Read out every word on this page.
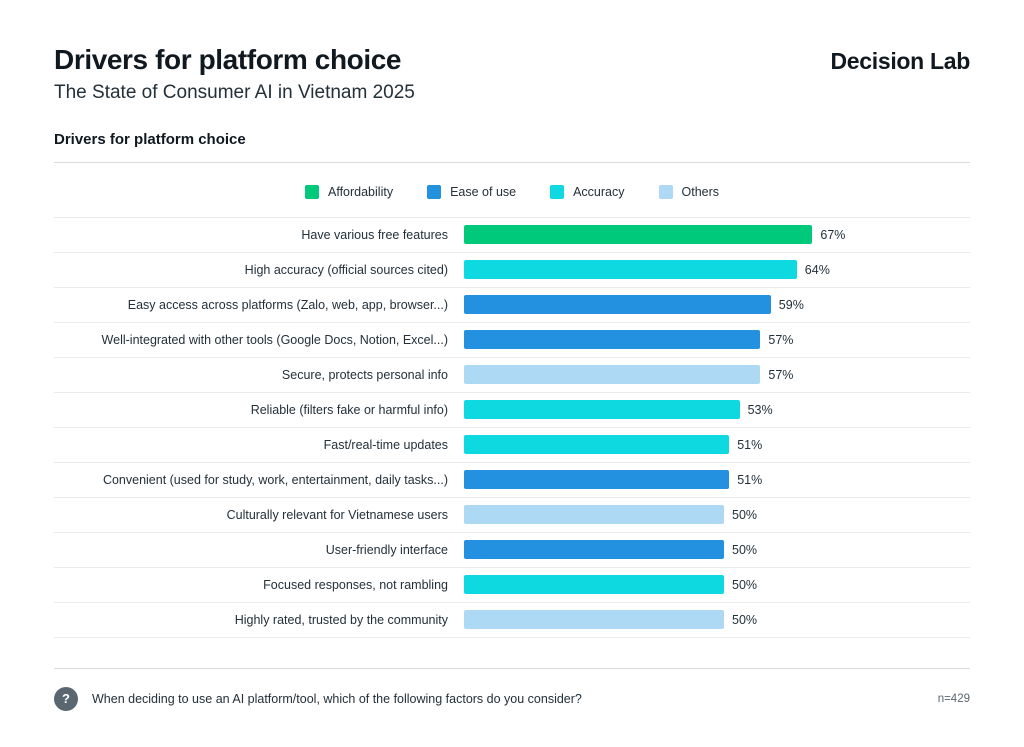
Drivers for platform choice

The State of Consumer AI in Vietnam 2025

Decision Lab
Drivers for platform choice
Affordability	Ease of use	Accuracy	Others
Have various free features	67%
High accuracy (official sources cited)	64%
Easy access across platforms (Zalo, web, app, browser...)	59%
Well-integrated with other tools (Google Docs, Notion, Excel...)	57%
Secure, protects personal info	57%
Reliable (filters fake or harmful info)	53%
Fast/real-time updates	51%
Convenient (used for study, work, entertainment, daily tasks...)	51%
Culturally relevant for Vietnamese users	50%
User-friendly interface	50%
Focused responses, not rambling	50%
Highly rated, trusted by the community	50%
?	When deciding to use an AI platform/tool, which of the following factors do you consider?	n=429
